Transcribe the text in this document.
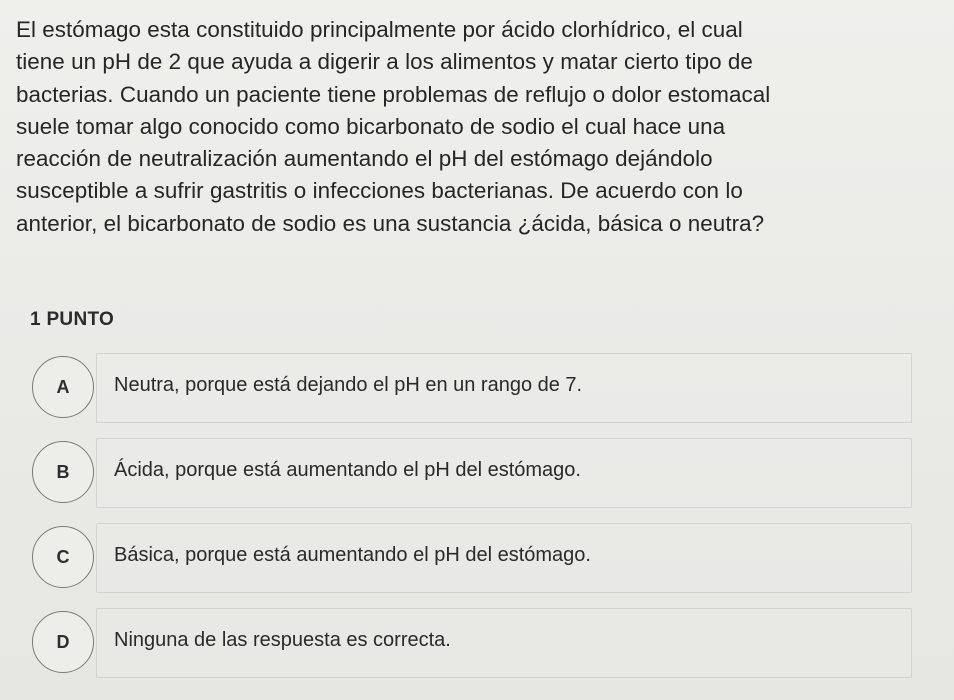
El estómago esta constituido principalmente por ácido clorhídrico, el cual
tiene un pH de 2 que ayuda a digerir a los alimentos y matar cierto tipo de
bacterias. Cuando un paciente tiene problemas de reflujo o dolor estomacal
suele tomar algo conocido como bicarbonato de sodio el cual hace una
reacción de neutralización aumentando el pH del estómago dejándolo
susceptible a sufrir gastritis o infecciones bacterianas. De acuerdo con lo
anterior, el bicarbonato de sodio es una sustancia ¿ácida, básica o neutra?
1 PUNTO
A	Neutra, porque está dejando el pH en un rango de 7.
B	Ácida, porque está aumentando el pH del estómago.
C	Básica, porque está aumentando el pH del estómago.
D	Ninguna de las respuesta es correcta.
